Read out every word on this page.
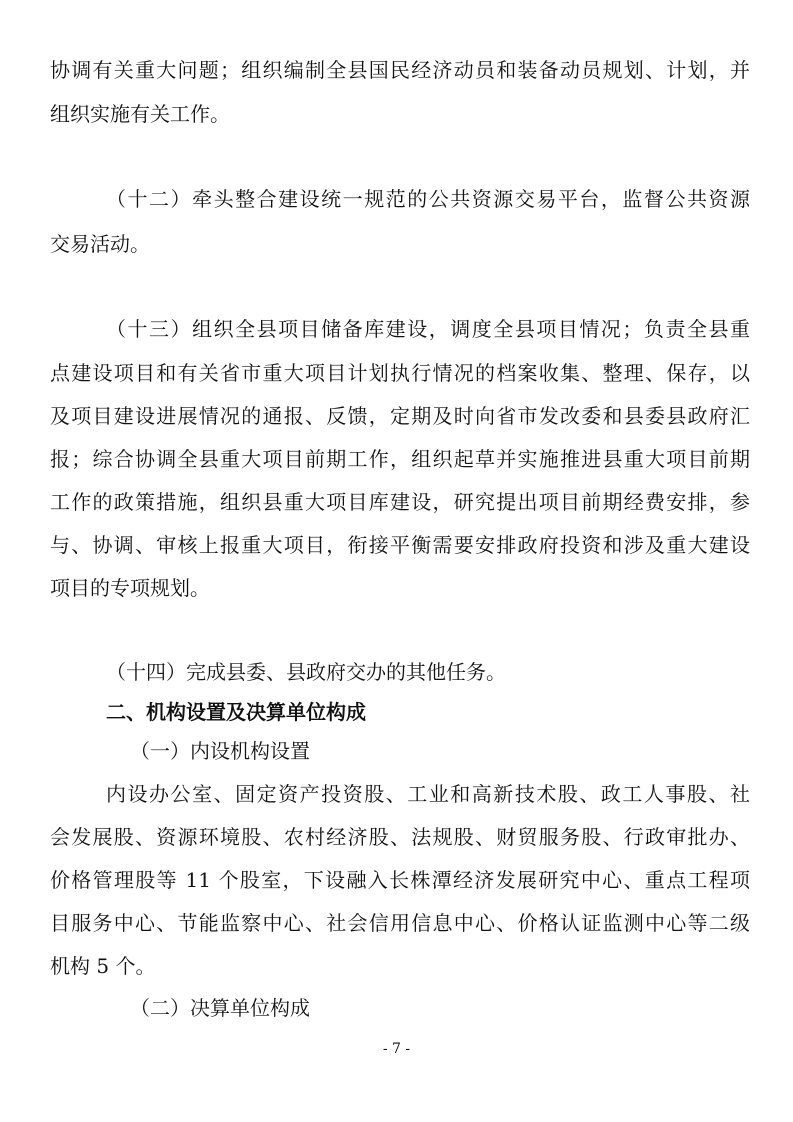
协调有关重大问题；组织编制全县国民经济动员和装备动员规划、计划，并
组织实施有关工作。
（十二）牵头整合建设统一规范的公共资源交易平台，监督公共资源
交易活动。
（十三）组织全县项目储备库建设，调度全县项目情况；负责全县重
点建设项目和有关省市重大项目计划执行情况的档案收集、整理、保存，以
及项目建设进展情况的通报、反馈，定期及时向省市发改委和县委县政府汇
报；综合协调全县重大项目前期工作，组织起草并实施推进县重大项目前期
工作的政策措施，组织县重大项目库建设，研究提出项目前期经费安排，参
与、协调、审核上报重大项目，衔接平衡需要安排政府投资和涉及重大建设
项目的专项规划。
（十四）完成县委、县政府交办的其他任务。
二、机构设置及决算单位构成
（一）内设机构设置
内设办公室、固定资产投资股、工业和高新技术股、政工人事股、社
会发展股、资源环境股、农村经济股、法规股、财贸服务股、行政审批办、
价格管理股等 11 个股室，下设融入长株潭经济发展研究中心、重点工程项
目服务中心、节能监察中心、社会信用信息中心、价格认证监测中心等二级
机构 5 个。
（二）决算单位构成
- 7 -
